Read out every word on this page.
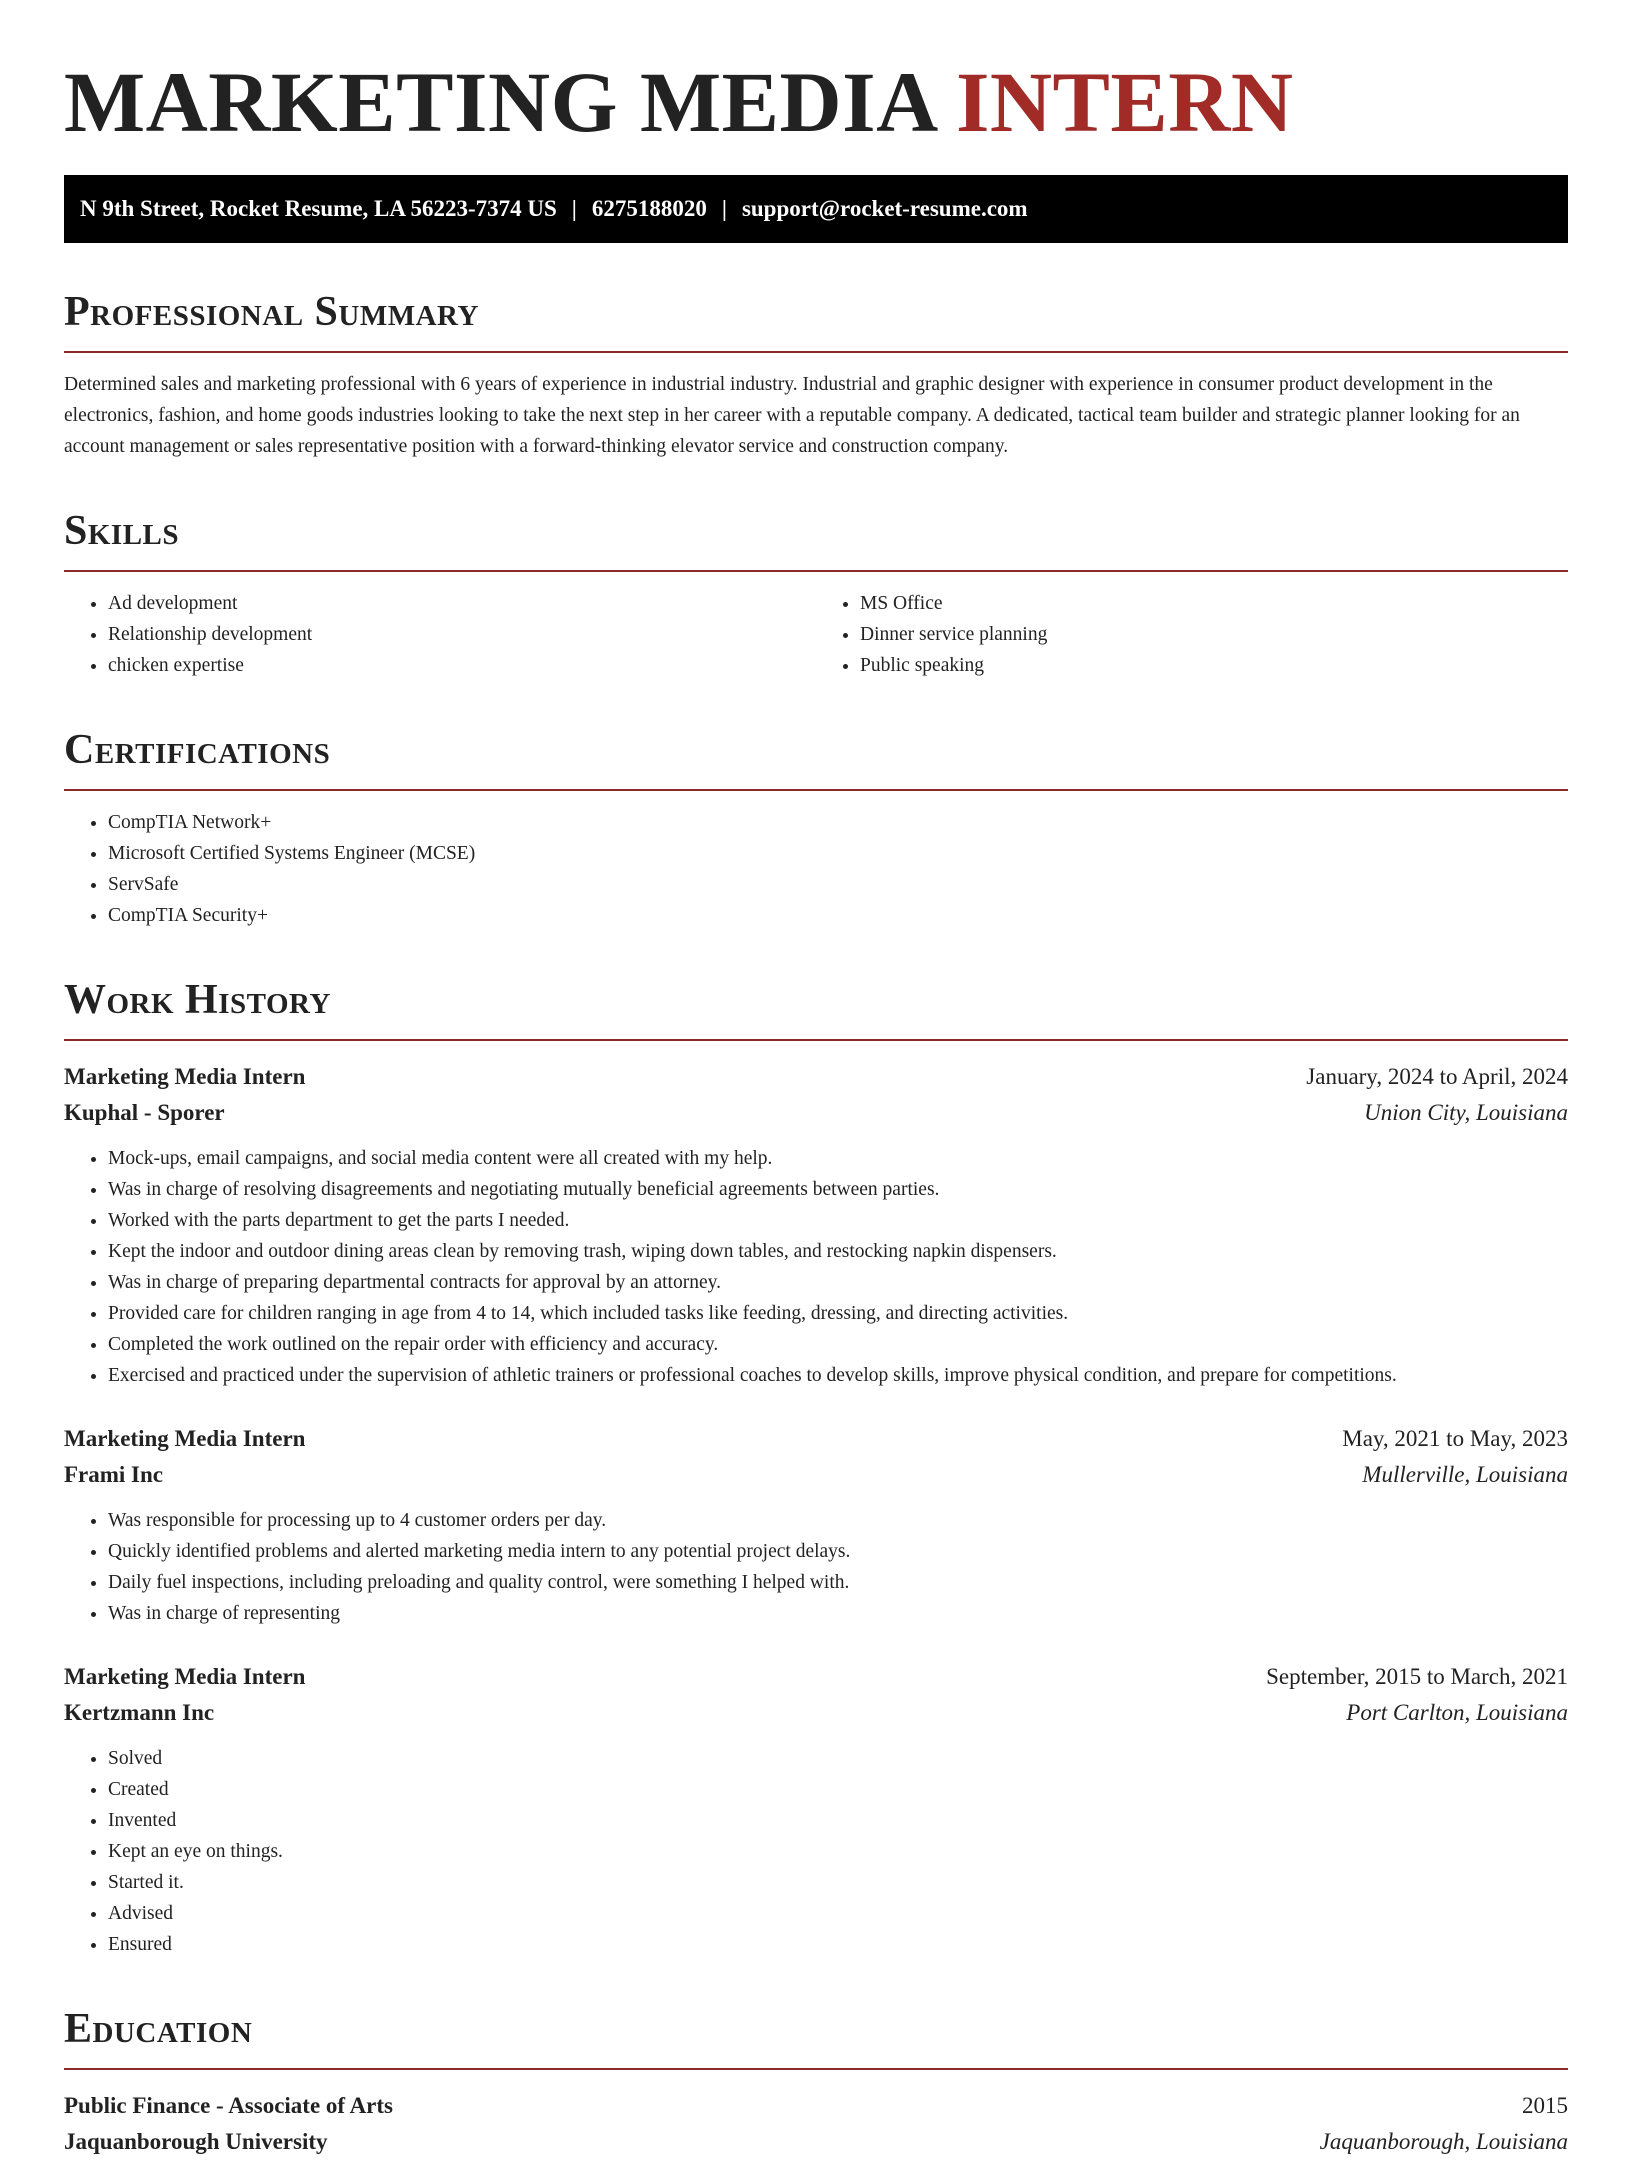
MARKETING MEDIA INTERN
N 9th Street, Rocket Resume, LA 56223-7374 US | 6275188020 | support@rocket-resume.com
Professional Summary

Determined sales and marketing professional with 6 years of experience in industrial industry. Industrial and graphic designer with experience in consumer product development in the electronics, fashion, and home goods industries looking to take the next step in her career with a reputable company. A dedicated, tactical team builder and strategic planner looking for an account management or sales representative position with a forward-thinking elevator service and construction company.

Skills
• Ad development
• Relationship development
• chicken expertise
• MS Office
• Dinner service planning
• Public speaking
Certifications
• CompTIA Network+
• Microsoft Certified Systems Engineer (MCSE)
• ServSafe
• CompTIA Security+
Work History
Marketing Media Intern	January, 2024 to April, 2024
Kuphal - Sporer	Union City, Louisiana
• Mock-ups, email campaigns, and social media content were all created with my help.
• Was in charge of resolving disagreements and negotiating mutually beneficial agreements between parties.
• Worked with the parts department to get the parts I needed.
• Kept the indoor and outdoor dining areas clean by removing trash, wiping down tables, and restocking napkin dispensers.
• Was in charge of preparing departmental contracts for approval by an attorney.
• Provided care for children ranging in age from 4 to 14, which included tasks like feeding, dressing, and directing activities.
• Completed the work outlined on the repair order with efficiency and accuracy.
• Exercised and practiced under the supervision of athletic trainers or professional coaches to develop skills, improve physical condition, and prepare for competitions.
Marketing Media Intern	May, 2021 to May, 2023
Frami Inc	Mullerville, Louisiana
• Was responsible for processing up to 4 customer orders per day.
• Quickly identified problems and alerted marketing media intern to any potential project delays.
• Daily fuel inspections, including preloading and quality control, were something I helped with.
• Was in charge of representing
Marketing Media Intern	September, 2015 to March, 2021
Kertzmann Inc	Port Carlton, Louisiana
• Solved
• Created
• Invented
• Kept an eye on things.
• Started it.
• Advised
• Ensured
Education
Public Finance - Associate of Arts	2015
Jaquanborough University	Jaquanborough, Louisiana
